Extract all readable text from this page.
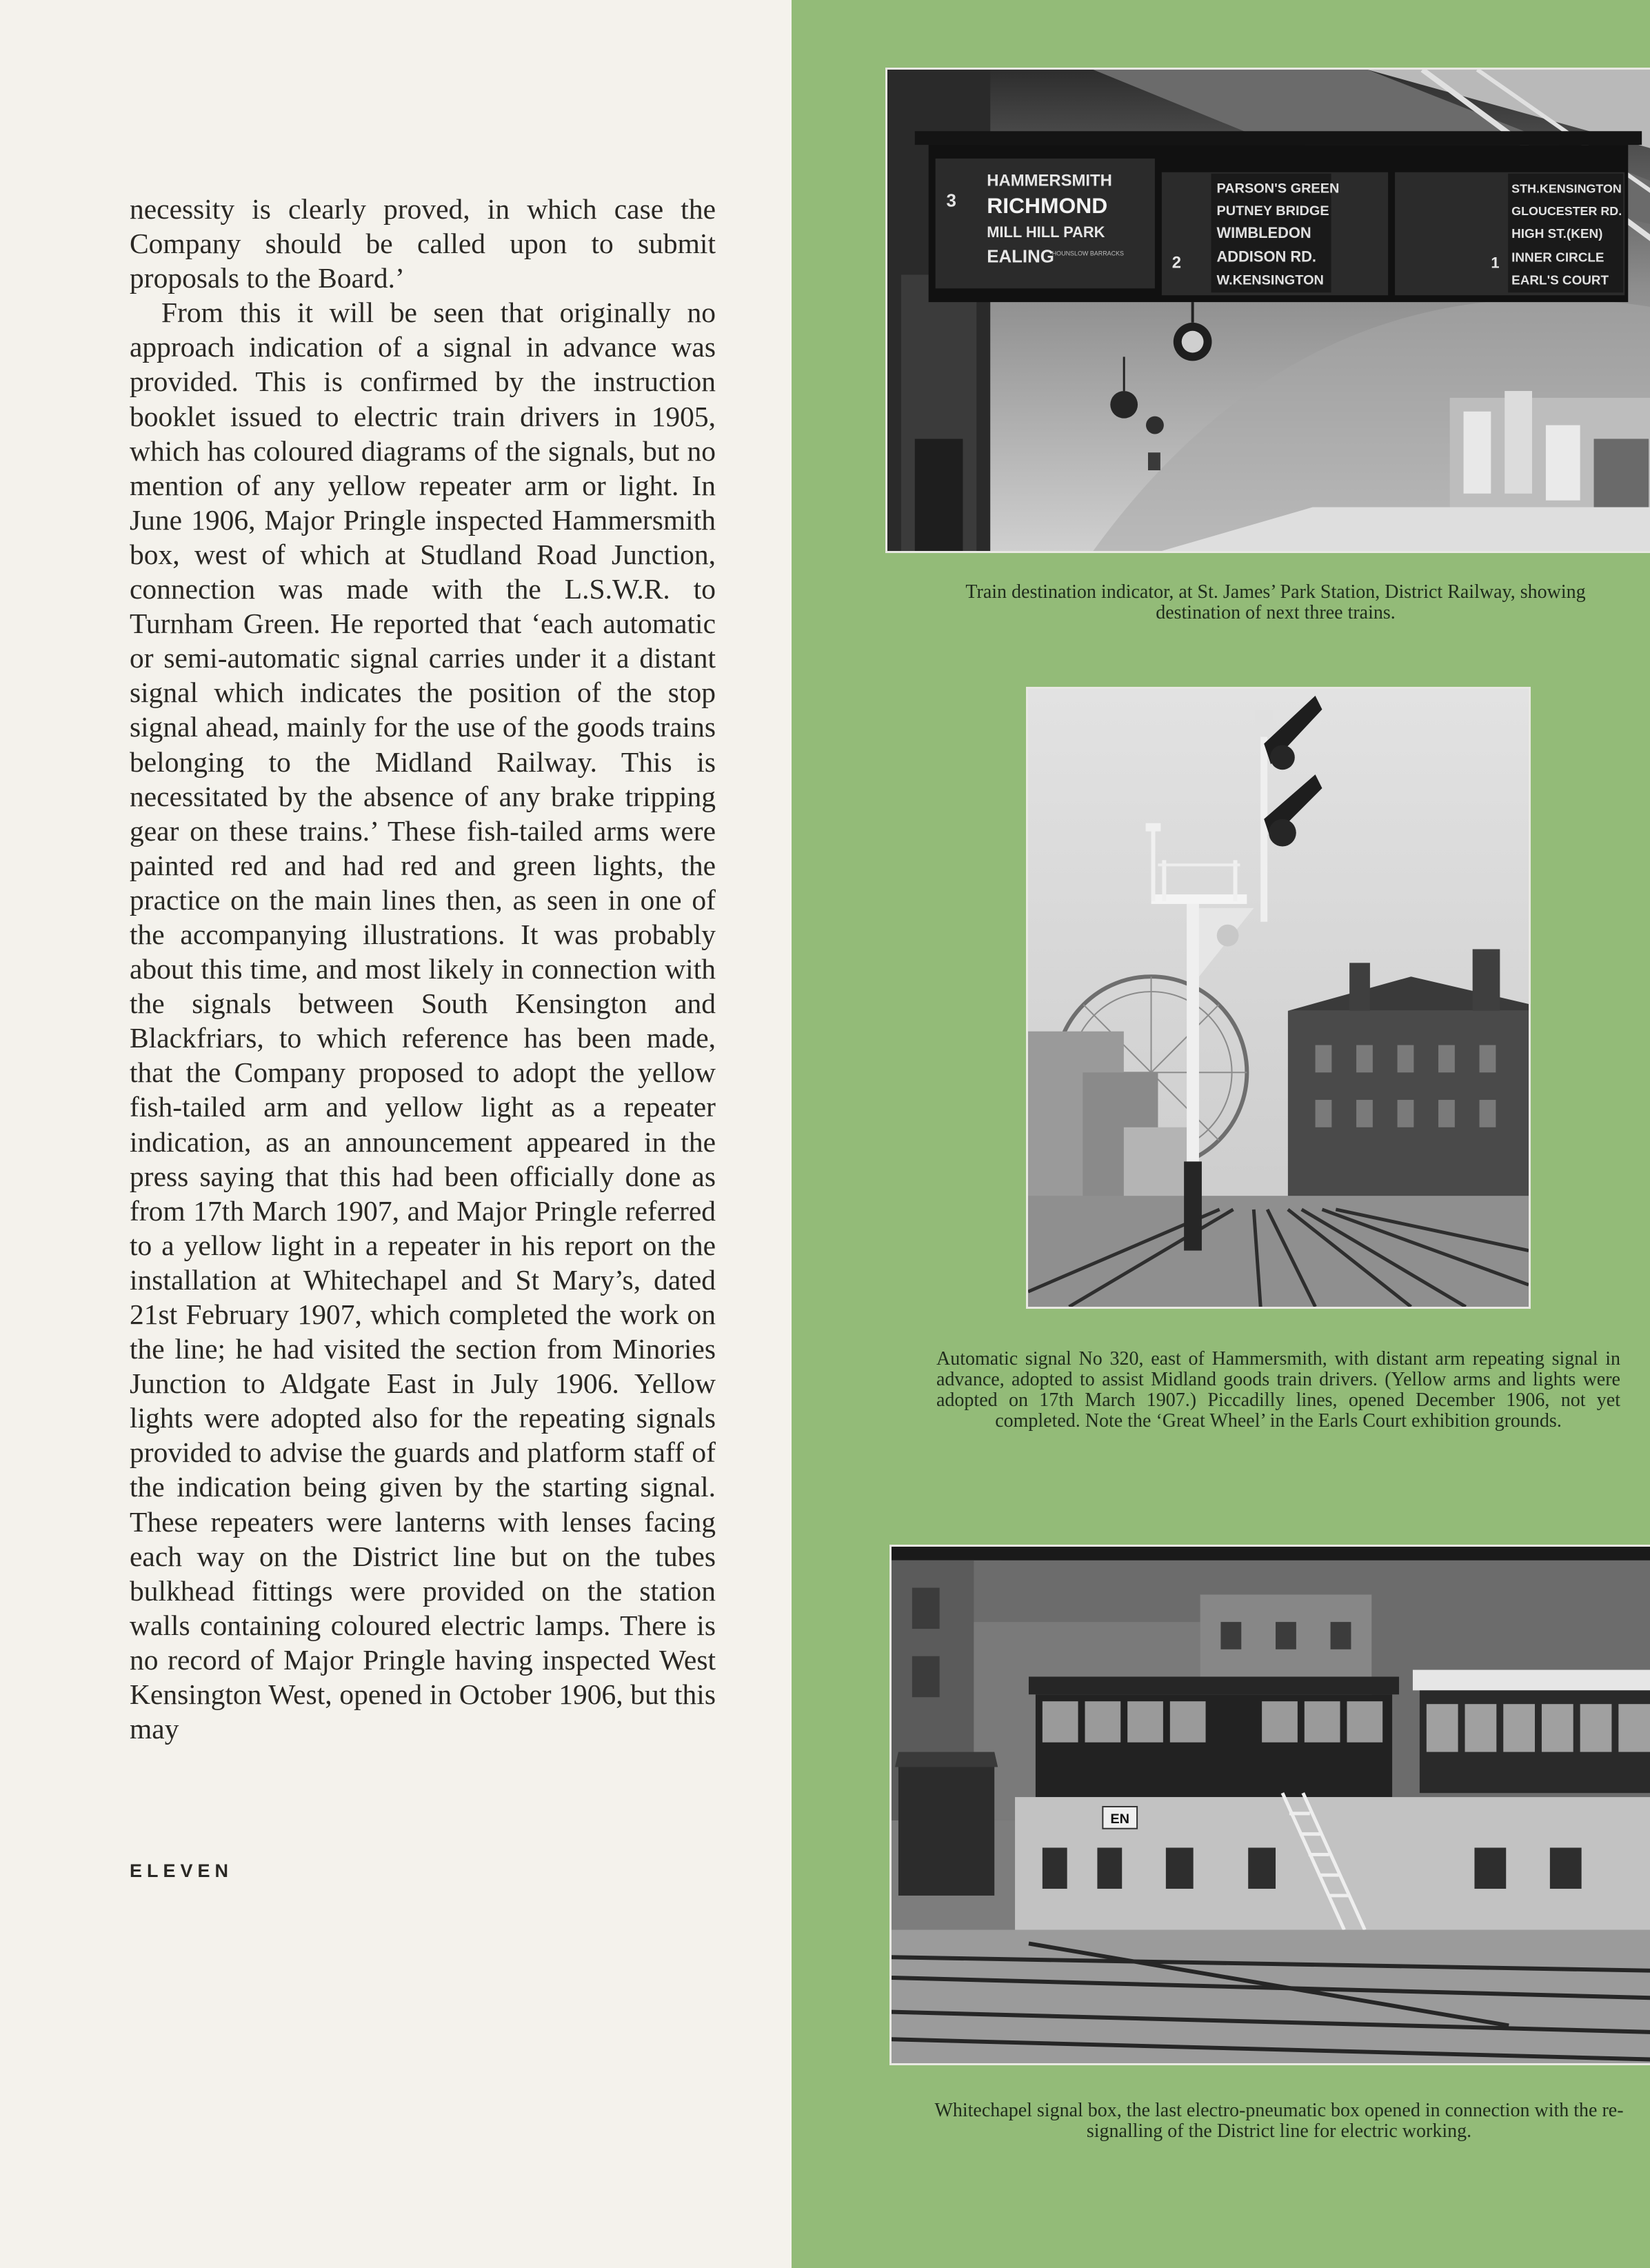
necessity is clearly proved, in which case the Company should be called upon to submit proposals to the Board.’

From this it will be seen that originally no approach indication of a signal in advance was provided. This is confirmed by the instruction booklet issued to electric train drivers in 1905, which has coloured diagrams of the signals, but no mention of any yellow repeater arm or light. In June 1906, Major Pringle inspected Hammersmith box, west of which at Studland Road Junction, connection was made with the L.S.W.R. to Turnham Green. He reported that ‘each automatic or semi-automatic signal carries under it a distant signal which indicates the position of the stop signal ahead, mainly for the use of the goods trains belonging to the Midland Railway. This is necessitated by the absence of any brake tripping gear on these trains.’ These fish-tailed arms were painted red and had red and green lights, the practice on the main lines then, as seen in one of the accompanying illustrations. It was probably about this time, and most likely in connection with the signals between South Kensington and Blackfriars, to which reference has been made, that the Company proposed to adopt the yellow fish-tailed arm and yellow light as a repeater indication, as an announcement appeared in the press saying that this had been officially done as from 17th March 1907, and Major Pringle referred to a yellow light in a repeater in his report on the installation at Whitechapel and St Mary’s, dated 21st February 1907, which completed the work on the line; he had visited the section from Minories Junction to Aldgate East in July 1906. Yellow lights were adopted also for the repeating signals provided to advise the guards and platform staff of the indication being given by the starting signal. These repeaters were lanterns with lenses facing each way on the District line but on the tubes bulkhead fittings were provided on the station walls containing coloured electric lamps. There is no record of Major Pringle having inspected West Kensington West, opened in October 1906, but this may

ELEVEN
3
HAMMERSMITH
RICHMOND
MILL HILL PARK
EALING
HOUNSLOW BARRACKS	2
PARSON'S GREEN
PUTNEY BRIDGE
WIMBLEDON
ADDISON RD.
W.KENSINGTON
1
STH.KENSINGTON
GLOUCESTER RD.
HIGH ST.(KEN)
INNER CIRCLE
EARL'S COURT

Train destination indicator, at St. James’ Park Station, District Railway, showing destination of next three trains.

Automatic signal No 320, east of Hammersmith, with distant arm repeating signal in advance, adopted to assist Midland goods train drivers. (Yellow arms and lights were adopted on 17th March 1907.) Piccadilly lines, opened December 1906, not yet completed. Note the ‘Great Wheel’ in the Earls Court exhibition grounds.

EN

Whitechapel signal box, the last electro-pneumatic box opened in connection with the re-signalling of the District line for electric working.
